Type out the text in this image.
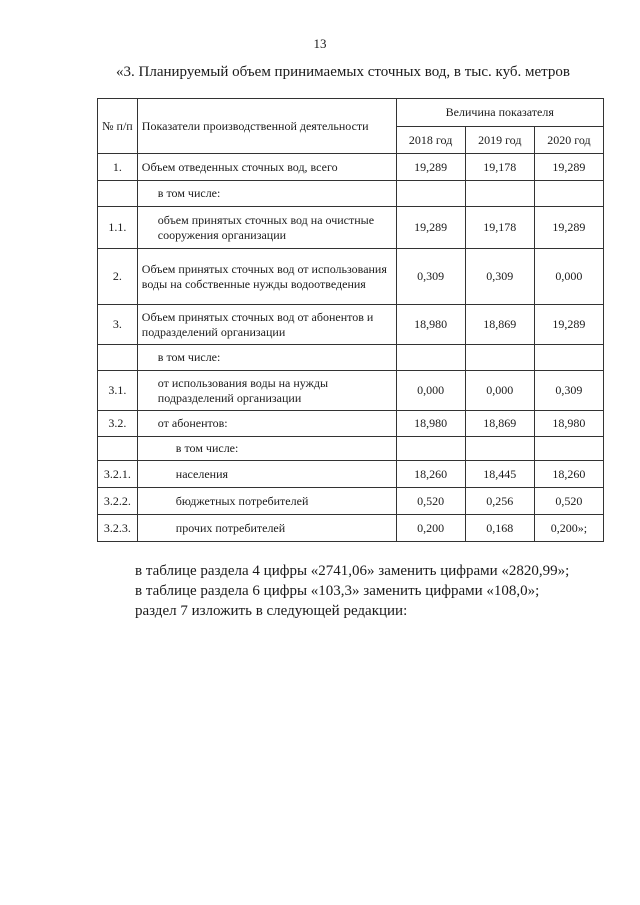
13
«3. Планируемый объем принимаемых сточных вод, в тыс. куб. метров
№ п/п	Показатели производственной деятельности	Величина показателя		
		2018 год	2019 год	2020 год
1.	Объем отведенных сточных вод, всего	19,289	19,178	19,289
	в том числе:			
1.1.	объем принятых сточных вод на очистные сооружения организации	19,289	19,178	19,289
2.	Объем принятых сточных вод от использования воды на собственные нужды водоотведения	0,309	0,309	0,000
3.	Объем принятых сточных вод от абонентов и подразделений организации	18,980	18,869	19,289
	в том числе:			
3.1.	от использования воды на нужды подразделений организации	0,000	0,000	0,309
3.2.	от абонентов:	18,980	18,869	18,980
	в том числе:			
3.2.1.	населения	18,260	18,445	18,260
3.2.2.	бюджетных потребителей	0,520	0,256	0,520
3.2.3.	прочих потребителей	0,200	0,168	0,200»;
в таблице раздела 4 цифры «2741,06» заменить цифрами «2820,99»;
в таблице раздела 6 цифры «103,3» заменить цифрами «108,0»;
раздел 7 изложить в следующей редакции:
